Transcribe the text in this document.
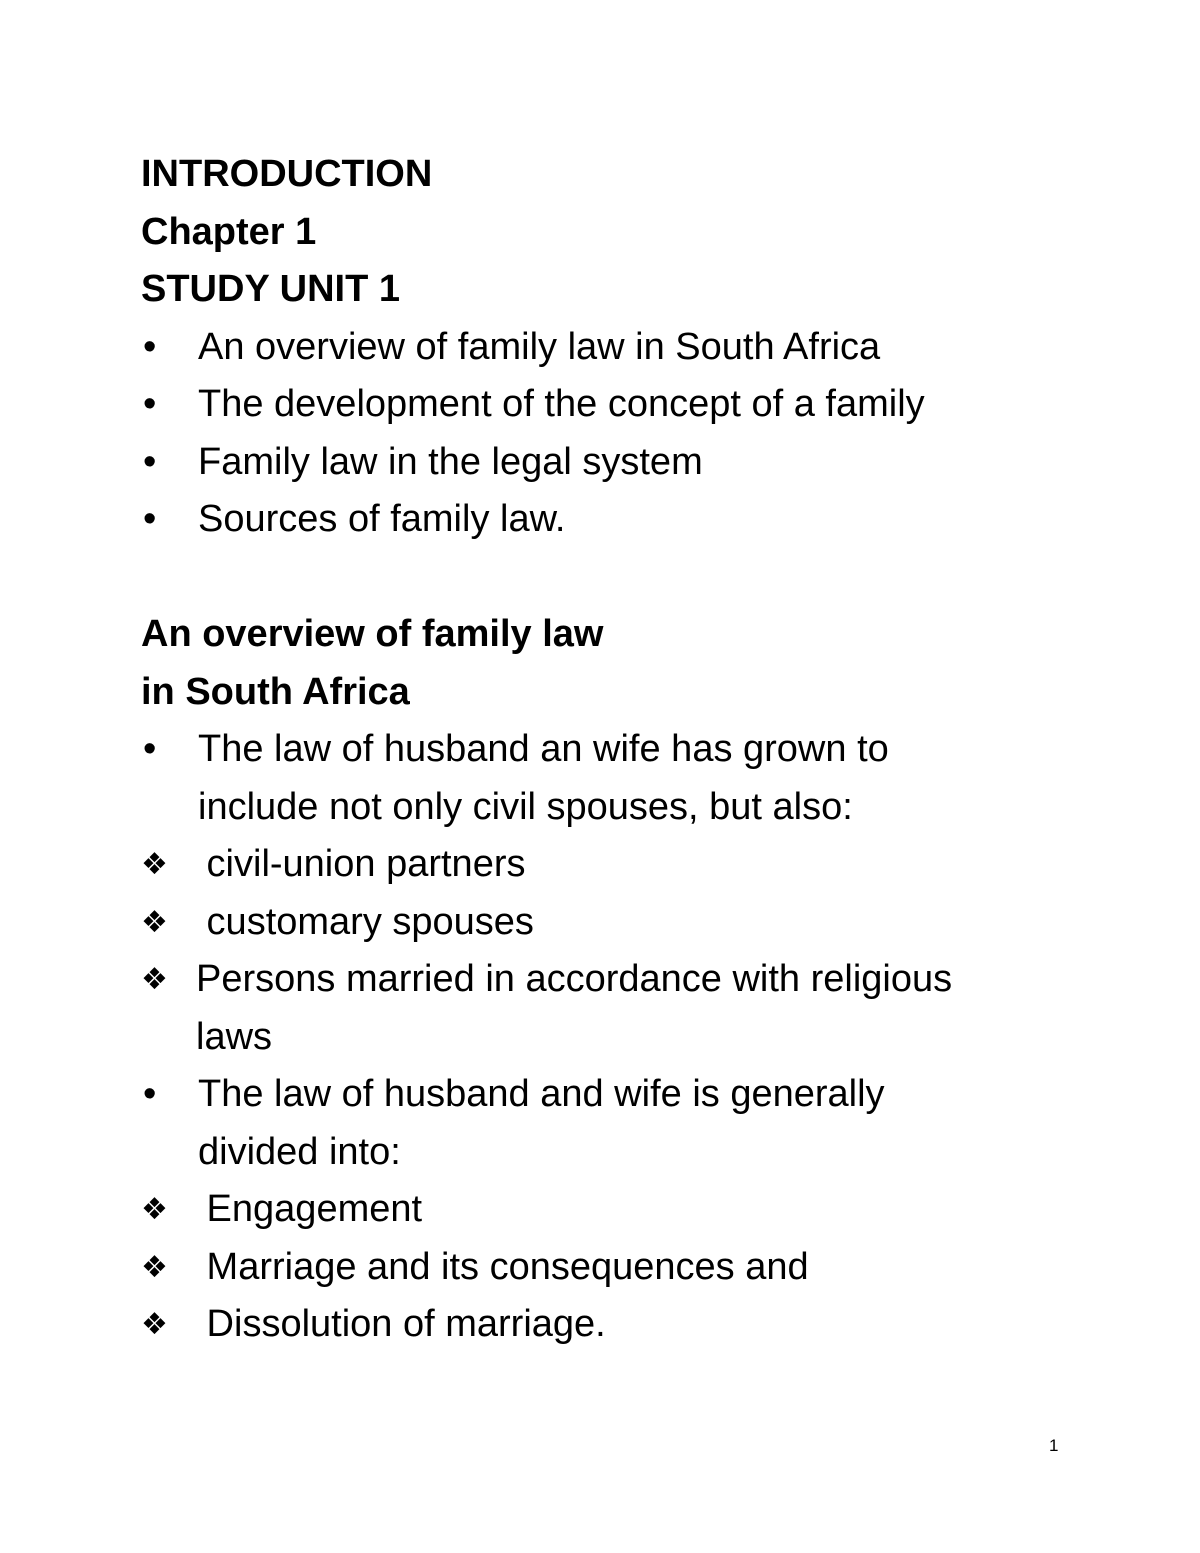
INTRODUCTION
Chapter 1
STUDY UNIT 1
•	An overview of family law in South Africa
•	The development of the concept of a family
•	Family law in the legal system
•	Sources of family law.
An overview of family law
in South Africa
•	The law of husband an wife has grown to
include not only civil spouses, but also:
❖ civil-union partners
❖ customary spouses
❖ Persons married in accordance with religious
laws
•	The law of husband and wife is generally
divided into:
❖ Engagement
❖ Marriage and its consequences and
❖ Dissolution of marriage.
1
